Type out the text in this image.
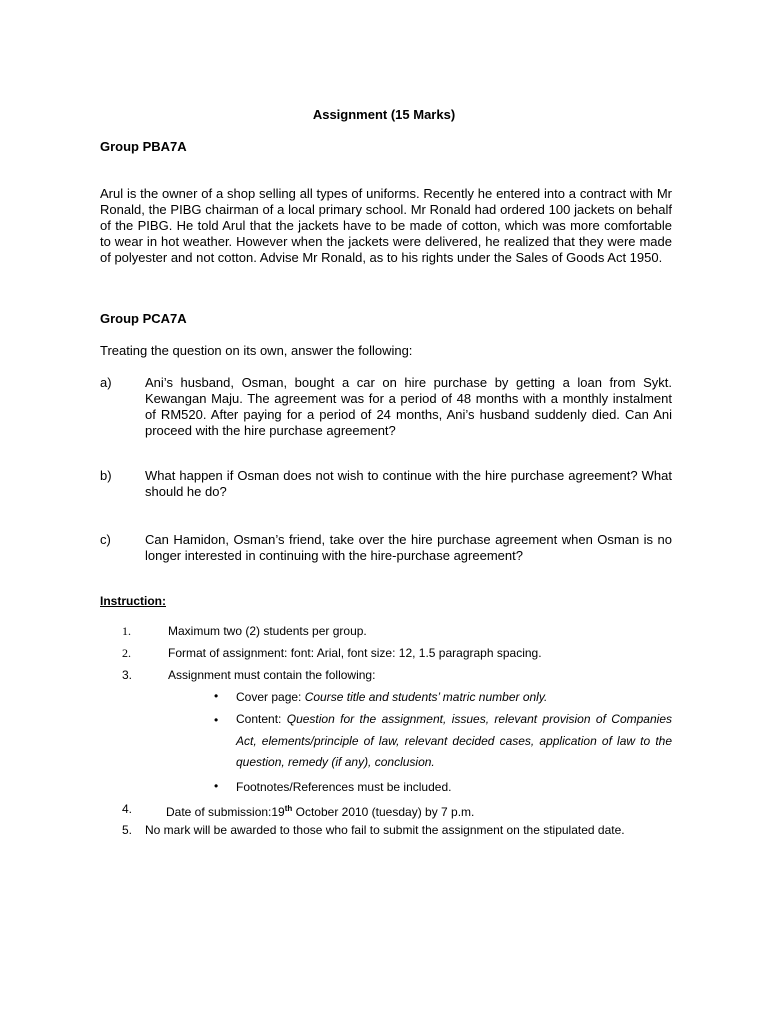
Assignment (15 Marks)
Group PBA7A
Arul is the owner of a shop selling all types of uniforms. Recently he entered into a contract with Mr Ronald, the PIBG chairman of a local primary school. Mr Ronald had ordered 100 jackets on behalf of the PIBG. He told Arul that the jackets have to be made of cotton, which was more comfortable to wear in hot weather. However when the jackets were delivered, he realized that they were made of polyester and not cotton. Advise Mr Ronald, as to his rights under the Sales of Goods Act 1950.
Group PCA7A
Treating the question on its own, answer the following:
a)	Ani’s husband, Osman, bought a car on hire purchase by getting a loan from Sykt. Kewangan Maju. The agreement was for a period of 48 months with a monthly instalment of RM520. After paying for a period of 24 months, Ani’s husband suddenly died. Can Ani proceed with the hire purchase agreement?
b)	What happen if Osman does not wish to continue with the hire purchase agreement? What should he do?
c)	Can Hamidon, Osman’s friend, take over the hire purchase agreement when Osman is no longer interested in continuing with the hire-purchase agreement?
Instruction:
1.	Maximum two (2) students per group.
2.	Format of assignment: font: Arial, font size: 12, 1.5 paragraph spacing.
3.	Assignment must contain the following:
• Cover page: Course title and students’ matric number only.
• Content: Question for the assignment, issues, relevant provision of Companies Act, elements/principle of law, relevant decided cases, application of law to the question, remedy (if any), conclusion.
• Footnotes/References must be included.
4.	Date of submission:19th October 2010 (tuesday) by 7 p.m.
5. No mark will be awarded to those who fail to submit the assignment on the stipulated date.
